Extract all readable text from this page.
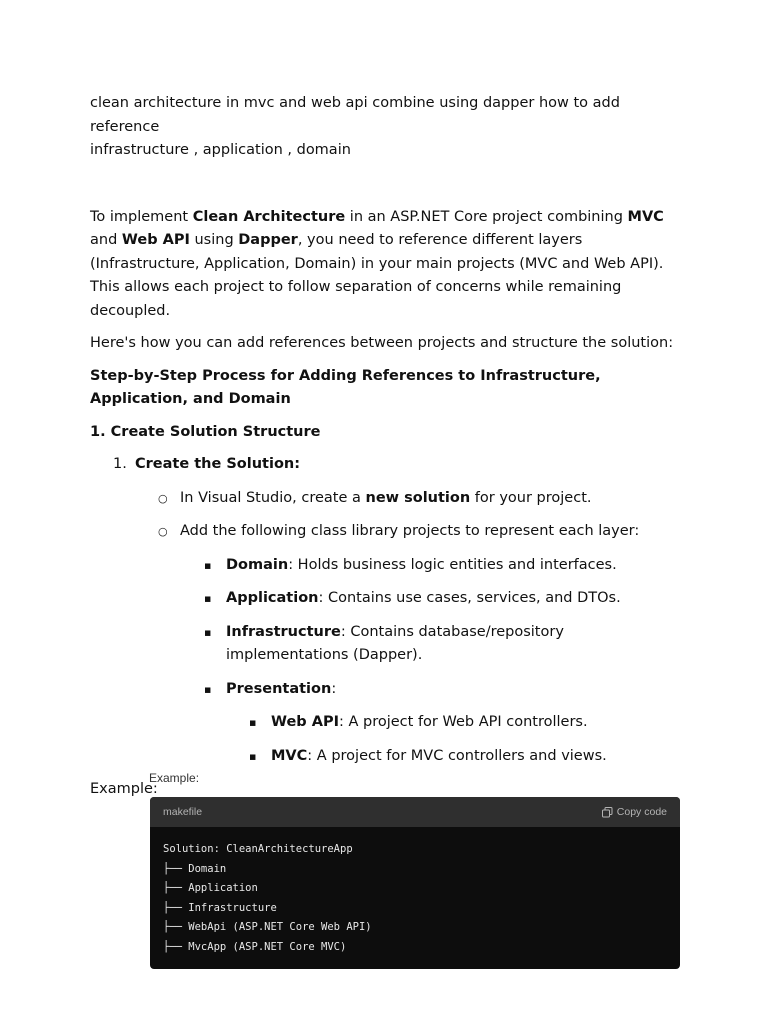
clean architecture in mvc and web api combine using dapper how to add reference

infrastructure , application , domain

To implement Clean Architecture in an ASP.NET Core project combining MVC and Web API using Dapper, you need to reference different layers (Infrastructure, Application, Domain) in your main projects (MVC and Web API). This allows each project to follow separation of concerns while remaining decoupled.

Here's how you can add references between projects and structure the solution:

Step-by-Step Process for Adding References to Infrastructure, Application, and Domain

1. Create Solution Structure

1. Create the Solution:
○ In Visual Studio, create a new solution for your project.
○ Add the following class library projects to represent each layer:
▪ Domain: Holds business logic entities and interfaces.
▪ Application: Contains use cases, services, and DTOs.
▪ Infrastructure: Contains database/repository implementations (Dapper).
▪ Presentation:
▪ Web API: A project for Web API controllers.
▪ MVC: A project for MVC controllers and views.

Example:

Example:
makefile	Copy code
Solution: CleanArchitectureApp
├── Domain
├── Application
├── Infrastructure
├── WebApi (ASP.NET Core Web API)
├── MvcApp (ASP.NET Core MVC)
